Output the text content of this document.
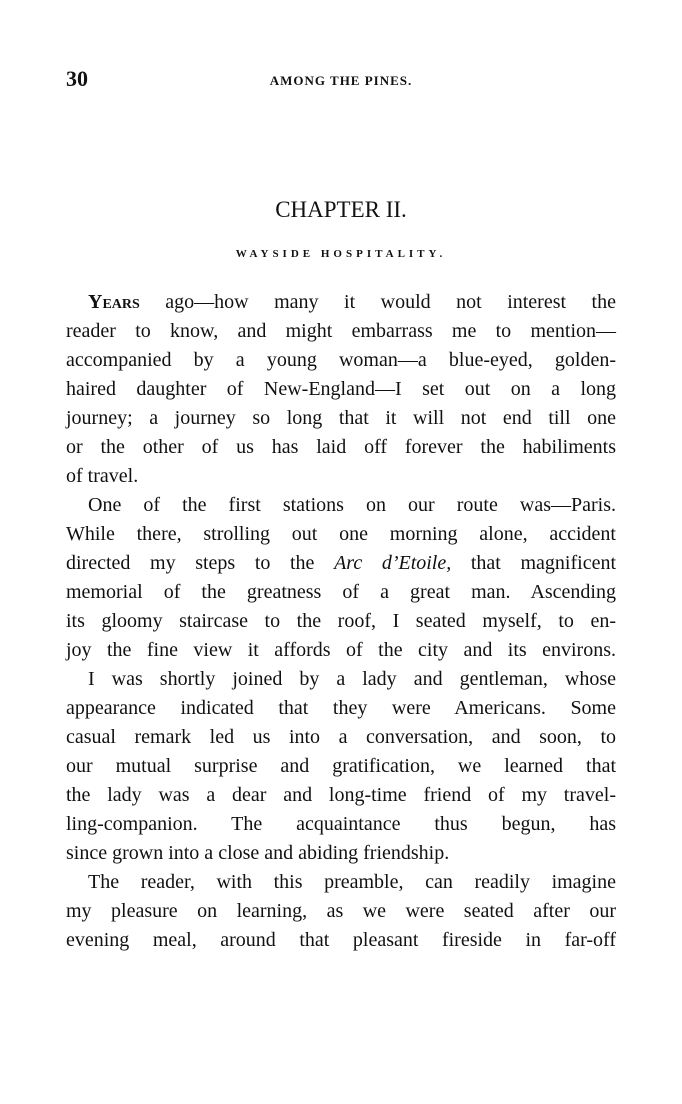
30	AMONG THE PINES.
CHAPTER II.
WAYSIDE HOSPITALITY.
Years ago—how many it would not interest the
reader to know, and might embarrass me to mention—
accompanied by a young woman—a blue-eyed, golden-
haired daughter of New-England—I set out on a long
journey; a journey so long that it will not end till one
or the other of us has laid off forever the habiliments
of travel.
One of the first stations on our route was—Paris.
While there, strolling out one morning alone, accident
directed my steps to the Arc d’Etoile, that magnificent
memorial of the greatness of a great man. Ascending
its gloomy staircase to the roof, I seated myself, to en-
joy the fine view it affords of the city and its environs.
I was shortly joined by a lady and gentleman, whose
appearance indicated that they were Americans. Some
casual remark led us into a conversation, and soon, to
our mutual surprise and gratification, we learned that
the lady was a dear and long-time friend of my travel-
ling-companion. The acquaintance thus begun, has
since grown into a close and abiding friendship.
The reader, with this preamble, can readily imagine
my pleasure on learning, as we were seated after our
evening meal, around that pleasant fireside in far-off
